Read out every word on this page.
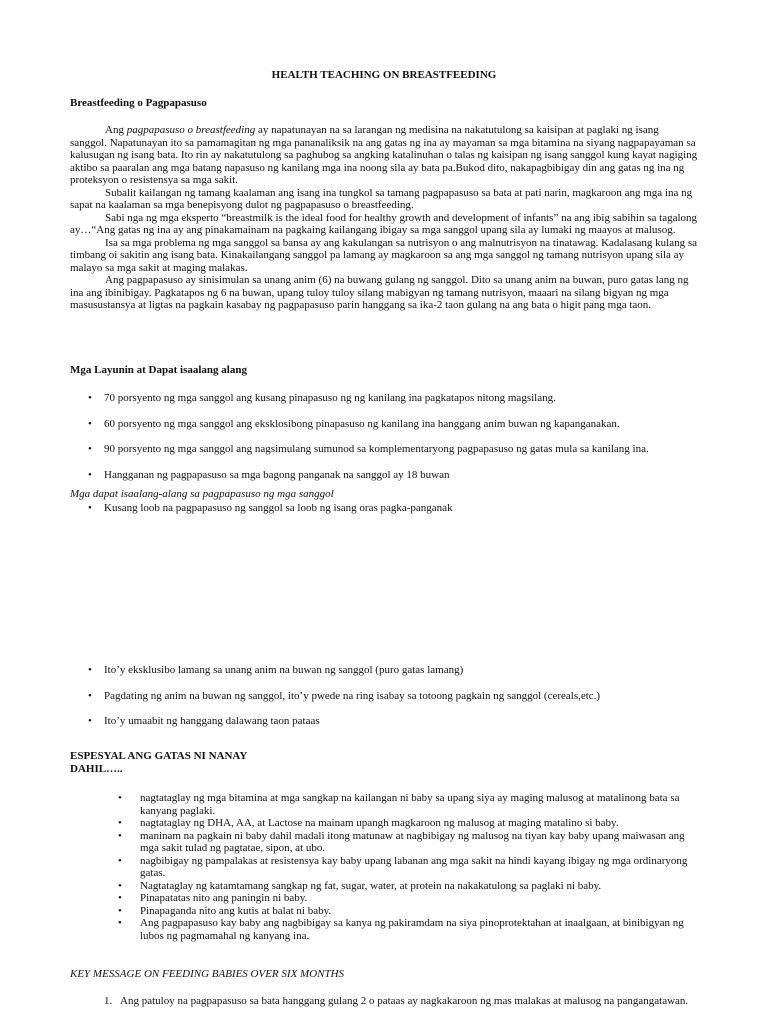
HEALTH TEACHING ON BREASTFEEDING
Breastfeeding o Pagpapasuso

Ang pagpapasuso o breastfeeding ay napatunayan na sa larangan ng medisina na nakatutulong sa kaisipan at paglaki ng isang sanggol. Napatunayan ito sa pamamagitan ng mga pananaliksik na ang gatas ng ina ay mayaman sa mga bitamina na siyang nagpapayaman sa kalusugan ng isang bata. Ito rin ay nakatutulong sa paghubog sa angking katalinuhan o talas ng kaisipan ng isang sanggol kung kayat nagiging aktibo sa paaralan ang mga batang napasuso ng kanilang mga ina noong sila ay bata pa.Bukod dito, nakapagbibigay din ang gatas ng ina ng proteksyon o resistensya sa mga sakit.

Subalit kailangan ng tamang kaalaman ang isang ina tungkol sa tamang pagpapasuso sa bata at pati narin, magkaroon ang mga ina ng sapat na kaalaman sa mga benepisyong dulot ng pagpapasuso o breastfeeding.

Sabi nga ng mga eksperto “breastmilk is the ideal food for healthy growth and development of infants” na ang ibig sabihin sa tagalong ay…“Ang gatas ng ina ay ang pinakamainam na pagkaing kailangang ibigay sa mga sanggol upang sila ay lumaki ng maayos at malusog.

Isa sa mga problema ng mga sanggol sa bansa ay ang kakulangan sa nutrisyon o ang malnutrisyon na tinatawag. Kadalasang kulang sa timbang oi sakitin ang isang bata. Kinakailangang sanggol pa lamang ay magkaroon sa ang mga sanggol ng tamang nutrisyon upang sila ay malayo sa mga sakit at maging malakas.

Ang pagpapasuso ay sinisimulan sa unang anim (6) na buwang gulang ng sanggol. Dito sa unang anim na buwan, puro gatas lang ng ina ang ibinibigay. Pagkatapos ng 6 na buwan, upang tuloy tuloy silang mabigyan ng tamang nutrisyon, maaari na silang bigyan ng mga masusustansya at ligtas na pagkain kasabay ng pagpapasuso parin hanggang sa ika-2 taon gulang na ang bata o higit pang mga taon.

Mga Layunin at Dapat isaalang alang
• 70 porsyento ng mga sanggol ang kusang pinapasuso ng ng kanilang ina pagkatapos nitong magsilang.
• 60 porsyento ng mga sanggol ang eksklosibong pinapasuso ng kanilang ina hanggang anim buwan ng kapanganakan.
• 90 porsyento ng mga sanggol ang nagsimulang sumunod sa komplementaryong pagpapasuso ng gatas mula sa kanilang ina.
• Hangganan ng pagpapasuso sa mga bagong panganak na sanggol ay 18 buwan
Mga dapat isaalang-alang sa pagpapasuso ng mga sanggol
• Kusang loob na pagpapasuso ng sanggol sa loob ng isang oras pagka-panganak
• Ito’y eksklusibo lamang sa unang anim na buwan ng sanggol (puro gatas lamang)
• Pagdating ng anim na buwan ng sanggol, ito’y pwede na ring isabay sa totoong pagkain ng sanggol (cereals,etc.)
• Ito’y umaabit ng hanggang dalawang taon pataas
ESPESYAL ANG GATAS NI NANAY
DAHIL…..
• nagtataglay ng mga bitamina at mga sangkap na kailangan ni baby sa upang siya ay maging malusog at matalinong bata sa kanyang paglaki.
• nagtataglay ng DHA, AA, at Lactose na mainam upangh magkaroon ng malusog at maging matalino si baby.
• maninam na pagkain ni baby dahil madali itong matunaw at nagbibigay ng malusog na tiyan kay baby upang maiwasan ang mga sakit tulad ng pagtatae, sipon, at ubo.
• nagbibigay ng pampalakas at resistensya kay baby upang labanan ang mga sakit na hindi kayang ibigay ng mga ordinaryong gatas.
• Nagtataglay ng katamtamang sangkap ng fat, sugar, water, at protein na nakakatulong sa paglaki ni baby.
• Pinapatatas nito ang paningin ni baby.
• Pinapaganda nito ang kutis at balat ni baby.
• Ang pagpapasuso kay baby ang nagbibigay sa kanya ng pakiramdam na siya pinoprotektahan at inaalgaan, at binibigyan ng lubos ng pagmamahal ng kanyang ina.
KEY MESSAGE ON FEEDING BABIES OVER SIX MONTHS
1. Ang patuloy na pagpapasuso sa bata hanggang gulang 2 o pataas ay nagkakaroon ng mas malakas at malusog na pangangatawan.
